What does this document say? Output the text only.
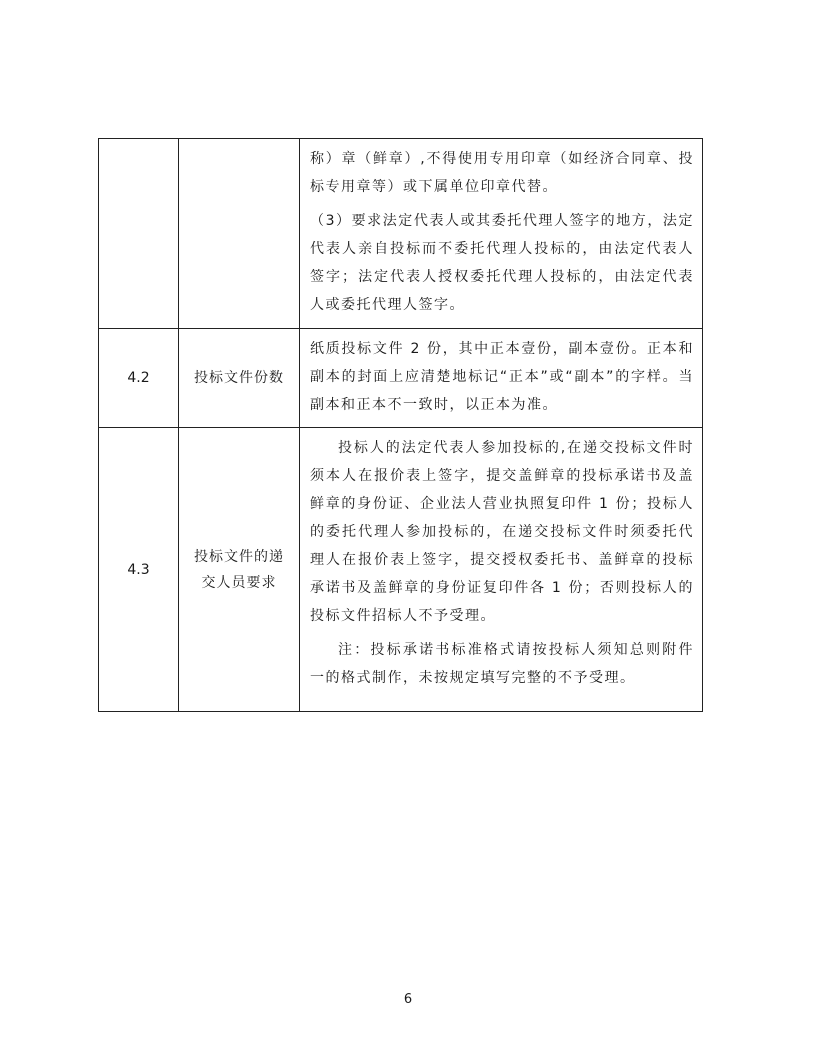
		称）章（鲜章）,不得使用专用印章（如经济合同章、投标专用章等）或下属单位印章代替。

（3）要求法定代表人或其委托代理人签字的地方，法定代表人亲自投标而不委托代理人投标的，由法定代表人签字；法定代表人授权委托代理人投标的，由法定代表人或委托代理人签字。

4.2	投标文件份数	纸质投标文件 2 份，其中正本壹份，副本壹份。正本和副本的封面上应清楚地标记“正本”或“副本”的字样。当副本和正本不一致时，以正本为准。

4.3	投标文件的递交人员要求	投标人的法定代表人参加投标的,在递交投标文件时须本人在报价表上签字，提交盖鲜章的投标承诺书及盖鲜章的身份证、企业法人营业执照复印件 1 份；投标人的委托代理人参加投标的，在递交投标文件时须委托代理人在报价表上签字，提交授权委托书、盖鲜章的投标承诺书及盖鲜章的身份证复印件各 1 份；否则投标人的投标文件招标人不予受理。

注：投标承诺书标准格式请按投标人须知总则附件一的格式制作，未按规定填写完整的不予受理。

6
